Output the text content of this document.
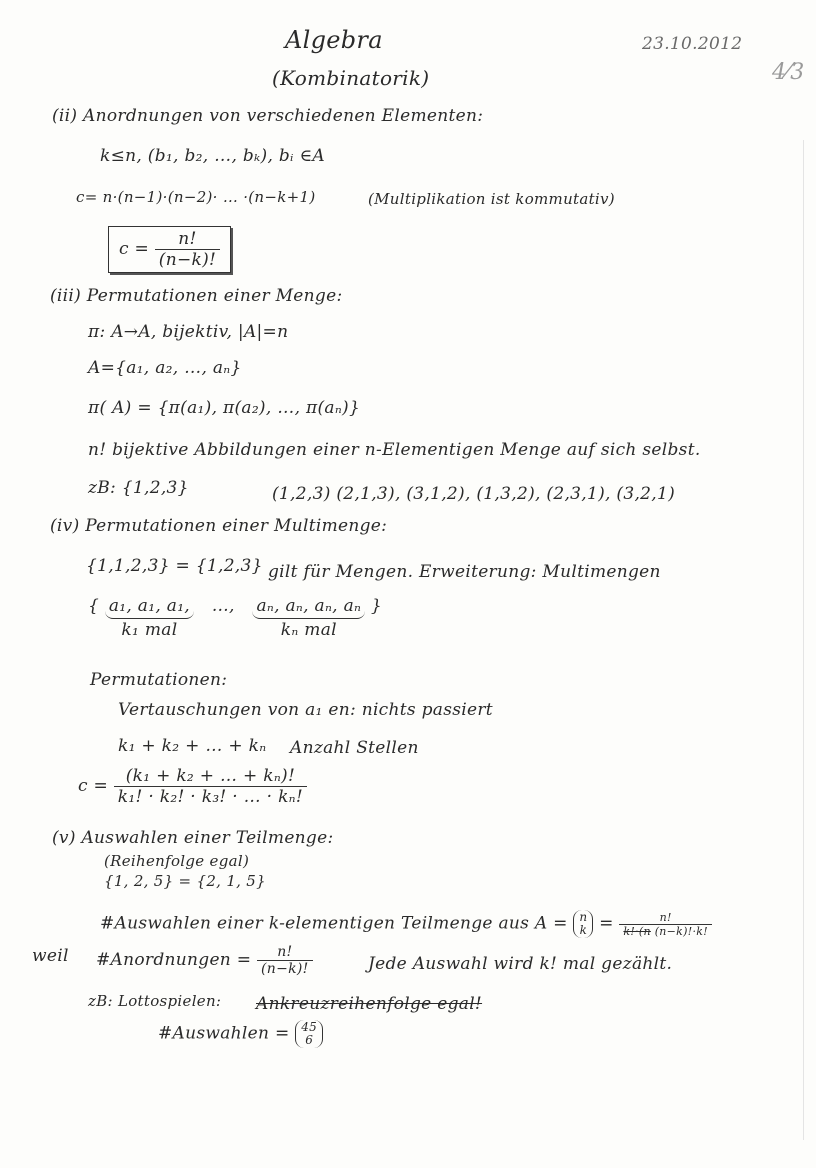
Algebra
(Kombinatorik)
23.10.2012
4⁄3
(ii) Anordnungen von verschiedenen Elementen:
k≤n, (b₁, b₂, …, bₖ), bᵢ ∈A
c= n·(n−1)·(n−2)· … ·(n−k+1)	(Multiplikation ist kommutativ)
$c = \frac{n!}{(n-k)!}$
(iii) Permutationen einer Menge:
π: A→A, bijektiv, |A|=n
A={a₁, a₂, …, aₙ}
π( A) = {π(a₁), π(a₂), …, π(aₙ)}
n! bijektive Abbildungen einer n-Elementigen Menge auf sich selbst.
zB: {1,2,3}	(1,2,3) (2,1,3), (3,1,2), (1,3,2), (2,3,1), (3,2,1)
(iv) Permutationen einer Multimenge:
{1,1,2,3} = {1,2,3} gilt für Mengen. Erweiterung: Multimengen
{ a₁, a₁, a₁,
k₁ mal
…, aₙ, aₙ, aₙ, aₙ
kₙ mal
}
Permutationen:
Vertauschungen von a₁ en: nichts passiert
k₁ + k₂ + … + kₙ Anzahl Stellen
$c = \frac{\text{(k₁ + k₂ + … + kₙ)!}}{\text{k₁! · k₂! · k₃! · … · kₙ!}}$
(v) Auswahlen einer Teilmenge:
(Reihenfolge egal)
{1, 2, 5} = {2, 1, 5}
#Auswahlen einer k-elementigen Teilmenge aus A = n
$k = \frac{n!}{k!\cdot(n (n-k)!\cdot k!}$
weil #Anordnungen = $\frac{n!}{(n-k)!}$	Jede Auswahl wird k! mal gezählt.
zB: Lottospielen: Ankreuzreihenfolge egal!
#Auswahlen = 45
6
